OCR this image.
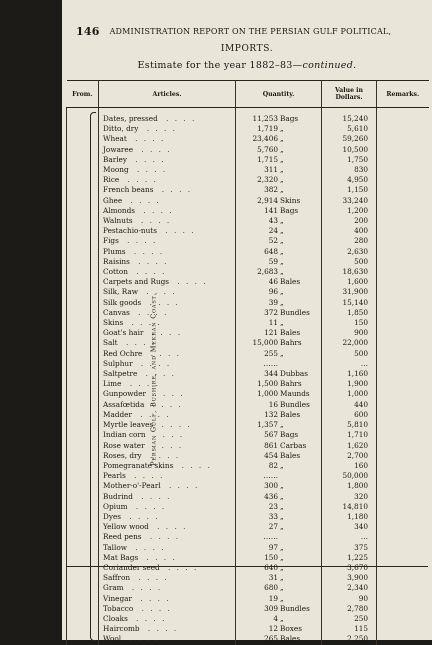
146 ADMINISTRATION REPORT ON THE PERSIAN GULF POLITICAL,
IMPORTS.
Estimate for the year 1882–83—continued.
From.	Articles.	Quantity.	Value in Dollars.	Remarks.
Persian Gulf, Bushire, and Mekran Coast.	Dates, pressed . . . .	11,253 Bags	15,240	
	Ditto, dry . . . .	1,719 „	5,610	
	Wheat . . . .	23,406 „	59,260	
	Jowaree . . . .	5,760 „	10,500	
	Barley . . . .	1,715 „	1,750	
	Moong . . . .	311 „	830	
	Rice . . . .	2,320 „	4,950	
	French beans . . . .	382 „	1,150	
	Ghee . . . .	2,914 Skins	33,240	
	Almonds . . . .	141 Bags	1,200	
	Walnuts . . . .	43 „	200	
	Pestachio-nuts . . . .	24 „	400	
	Figs . . . .	52 „	280	
	Plums . . . .	648 „	2,630	
	Raisins . . . .	59 „	500	
	Cotton . . . .	2,683 „	18,630	
	Carpets and Rugs . . . .	46 Bales	1,600	
	Silk, Raw . . . .	96 „	31,900	
	Silk goods . . . .	39 „	15,140	
	Canvas . . . .	372 Bundles	1,850	
	Skins . . . .	11 „	150	
	Goat's hair . . . .	121 Bales	900	
	Salt . . . .	15,000 Bahrs	22,000	
	Red Ochre . . . .	255 „	500	
	Sulphur . . . .	……	…	
	Saltpetre . . . .	344 Dubbas	1,160	
	Lime . . . .	1,500 Bahrs	1,900	
	Gunpowder . . . .	1,000 Maunds	1,000	
	Assafœtida . . . .	16 Bundles	440	
	Madder . . . .	132 Bales	600	
	Myrtle leaves . . . .	1,357 „	5,810	
	Indian corn . . . .	567 Bags	1,710	
	Rose water . . . .	861 Carbas	1,620	
	Roses, dry . . . .	454 Bales	2,700	
	Pomegranate skins . . . .	82 „	160	
	Pearls . . . .	……	50,000	
	Mother-o'-Pearl . . . .	300 „	1,800	
	Budrind . . . .	436 „	320	
	Opium . . . .	23 „	14,810	
	Dyes . . . .	33 „	1,180	
	Yellow wood . . . .	27 „	340	
	Reed pens . . . .	……	…	
	Tallow . . . .	97 „	375	
	Mat Bags . . . .	150 „	1,225	
	Coriander seed . . . .	640 „	3,670	
	Saffron . . . .	31 „	3,900	
	Gram . . . .	680 „	2,340	
	Vinegar . . . .	19 „	90	
	Tobacco . . . .	309 Bundles	2,780	
	Cloaks . . . .	4 „	250	
	Haircomb . . . .	12 Boxes	115	
	Wool . . . .	265 Bales	2,250	
